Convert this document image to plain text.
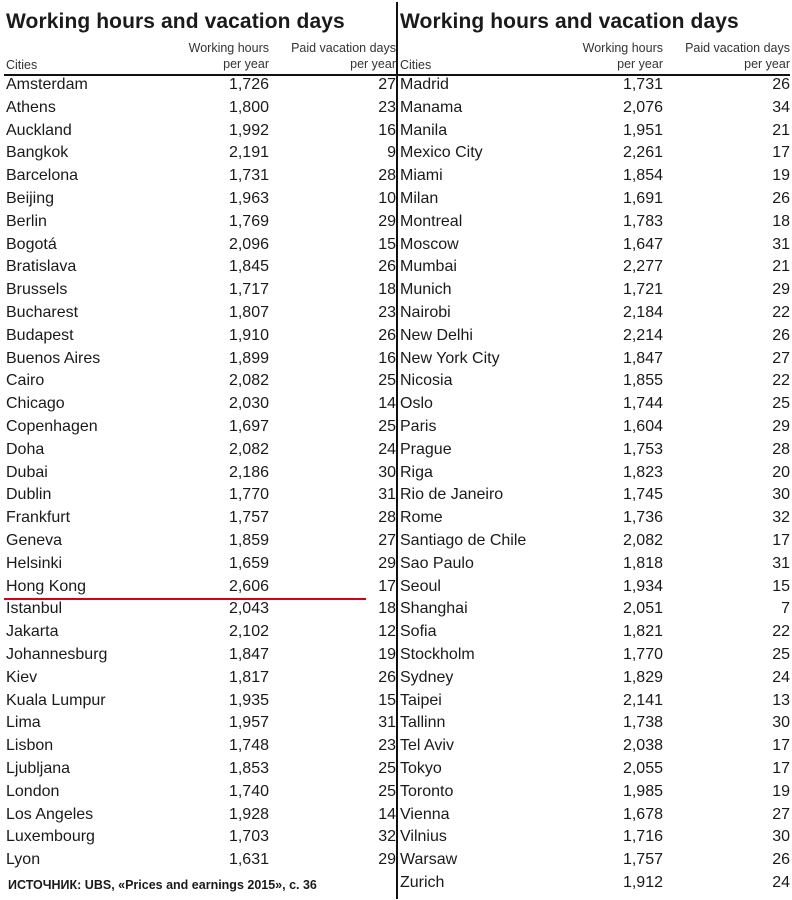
Working hours and vacation days
Cities
Working hours
per year
Paid vacation days
per year
Amsterdam	1,726	27
Athens	1,800	23
Auckland	1,992	16
Bangkok	2,191	9
Barcelona	1,731	28
Beijing	1,963	10
Berlin	1,769	29
Bogotá	2,096	15
Bratislava	1,845	26
Brussels	1,717	18
Bucharest	1,807	23
Budapest	1,910	26
Buenos Aires	1,899	16
Cairo	2,082	25
Chicago	2,030	14
Copenhagen	1,697	25
Doha	2,082	24
Dubai	2,186	30
Dublin	1,770	31
Frankfurt	1,757	28
Geneva	1,859	27
Helsinki	1,659	29
Hong Kong	2,606	17
Istanbul	2,043	18
Jakarta	2,102	12
Johannesburg	1,847	19
Kiev	1,817	26
Kuala Lumpur	1,935	15
Lima	1,957	31
Lisbon	1,748	23
Ljubljana	1,853	25
London	1,740	25
Los Angeles	1,928	14
Luxembourg	1,703	32
Lyon	1,631	29
ИСТОЧНИК: UBS, «Prices and earnings 2015», с. 36
Working hours and vacation days
Cities
Working hours
per year
Paid vacation days
per year
Madrid	1,731	26
Manama	2,076	34
Manila	1,951	21
Mexico City	2,261	17
Miami	1,854	19
Milan	1,691	26
Montreal	1,783	18
Moscow	1,647	31
Mumbai	2,277	21
Munich	1,721	29
Nairobi	2,184	22
New Delhi	2,214	26
New York City	1,847	27
Nicosia	1,855	22
Oslo	1,744	25
Paris	1,604	29
Prague	1,753	28
Riga	1,823	20
Rio de Janeiro	1,745	30
Rome	1,736	32
Santiago de Chile	2,082	17
Sao Paulo	1,818	31
Seoul	1,934	15
Shanghai	2,051	7
Sofia	1,821	22
Stockholm	1,770	25
Sydney	1,829	24
Taipei	2,141	13
Tallinn	1,738	30
Tel Aviv	2,038	17
Tokyo	2,055	17
Toronto	1,985	19
Vienna	1,678	27
Vilnius	1,716	30
Warsaw	1,757	26
Zurich	1,912	24
